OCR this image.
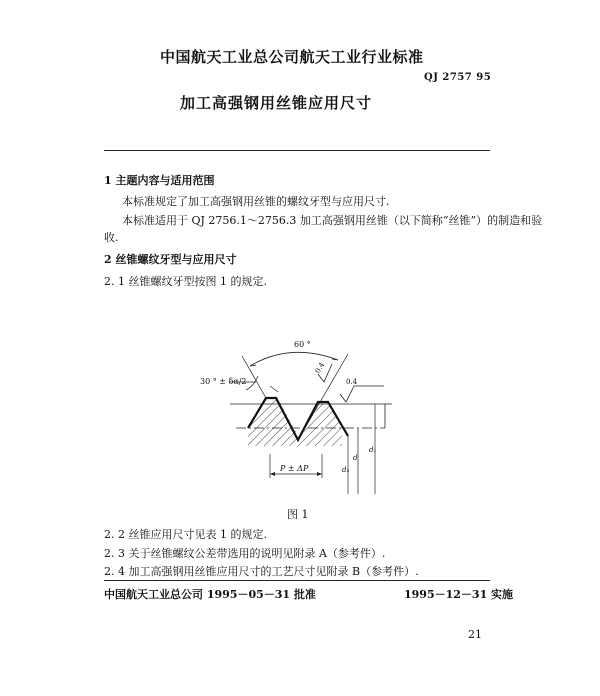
中国航天工业总公司航天工业行业标准
QJ 2757 95
加工高强钢用丝锥应用尺寸
1 主题内容与适用范围
本标准规定了加工高强钢用丝锥的螺纹牙型与应用尺寸.
本标准适用于 QJ 2756.1～2756.3 加工高强钢用丝锥（以下简称“丝锥”）的制造和验
收.
2 丝锥螺纹牙型与应用尺寸
2. 1 丝锥螺纹牙型按图 1 的规定.
60 °
30 ° ± δα/2
0.4
0.4
P ± ΔP	d₂
d
d₁
图 1
2. 2 丝锥应用尺寸见表 1 的规定.
2. 3 关于丝锥螺纹公差带选用的说明见附录 A（参考件）.
2. 4 加工高强钢用丝锥应用尺寸的工艺尺寸见附录 B（参考件）.
中国航天工业总公司 1995－05－31 批准	1995－12－31 实施
21
